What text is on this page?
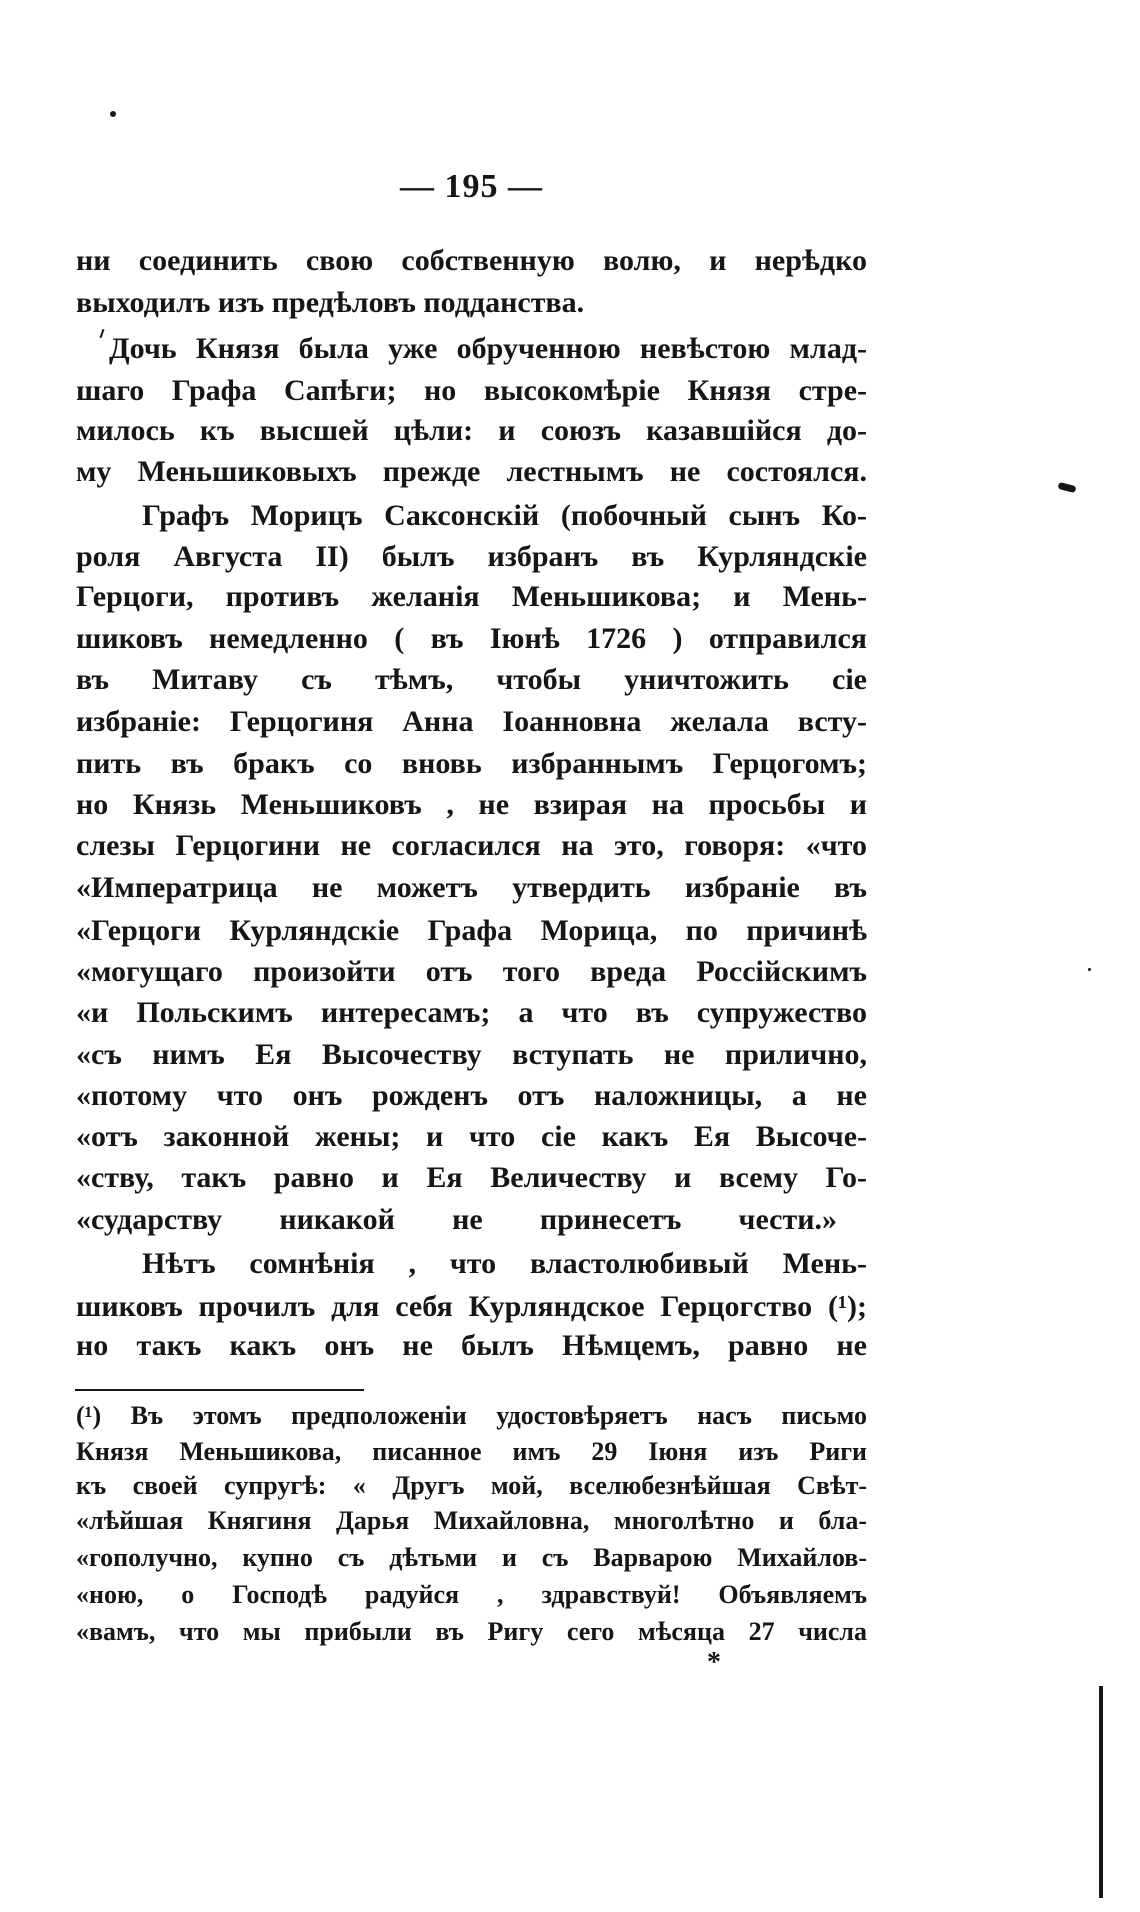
— 195 —
ни соединить свою собственную волю, и нерѣдко
выходилъ изъ предѣловъ подданства.
Дочь Князя была уже обрученною невѣстою млад-
шаго Графа Сапѣги; но высокомѣріе Князя стре-
милось къ высшей цѣли: и союзъ казавшійся до-
му Меньшиковыхъ прежде лестнымъ не состоялся.
Графъ Морицъ Саксонскій (побочный сынъ Ко-
роля Августа II) былъ избранъ въ Курляндскіе
Герцоги, противъ желанія Меньшикова; и Мень-
шиковъ немедленно ( въ Іюнѣ 1726 ) отправился
въ Митаву съ тѣмъ, чтобы уничтожить сіе
избраніе: Герцогиня Анна Іоанновна желала всту-
пить въ бракъ со вновь избраннымъ Герцогомъ;
но Князь Меньшиковъ , не взирая на просьбы и
слезы Герцогини не согласился на это, говоря: «что
«Императрица не можетъ утвердить избраніе въ
«Герцоги Курляндскіе Графа Морица, по причинѣ
«могущаго произойти отъ того вреда Россійскимъ
«и Польскимъ интересамъ; а что въ супружество
«съ нимъ Ея Высочеству вступать не прилично,
«потому что онъ рожденъ отъ наложницы, а не
«отъ законной жены; и что сіе какъ Ея Высоче-
«ству, такъ равно и Ея Величеству и всему Го-
«сударству никакой не принесетъ чести.»
Нѣтъ сомнѣнія , что властолюбивый Мень-
шиковъ прочилъ для себя Курляндское Герцогство (¹);
но такъ какъ онъ не былъ Нѣмцемъ, равно не
(¹) Въ этомъ предположеніи удостовѣряетъ насъ письмо
Князя Меньшикова, писанное имъ 29 Іюня изъ Риги
къ своей супругѣ: « Другъ мой, вселюбезнѣйшая Свѣт-
«лѣйшая Княгиня Дарья Михайловна, многолѣтно и бла-
«гополучно, купно съ дѣтьми и съ Варварою Михайлов-
«ною, о Господѣ радуйся , здравствуй! Объявляемъ
«вамъ, что мы прибыли въ Ригу сего мѣсяца 27 числа
*
